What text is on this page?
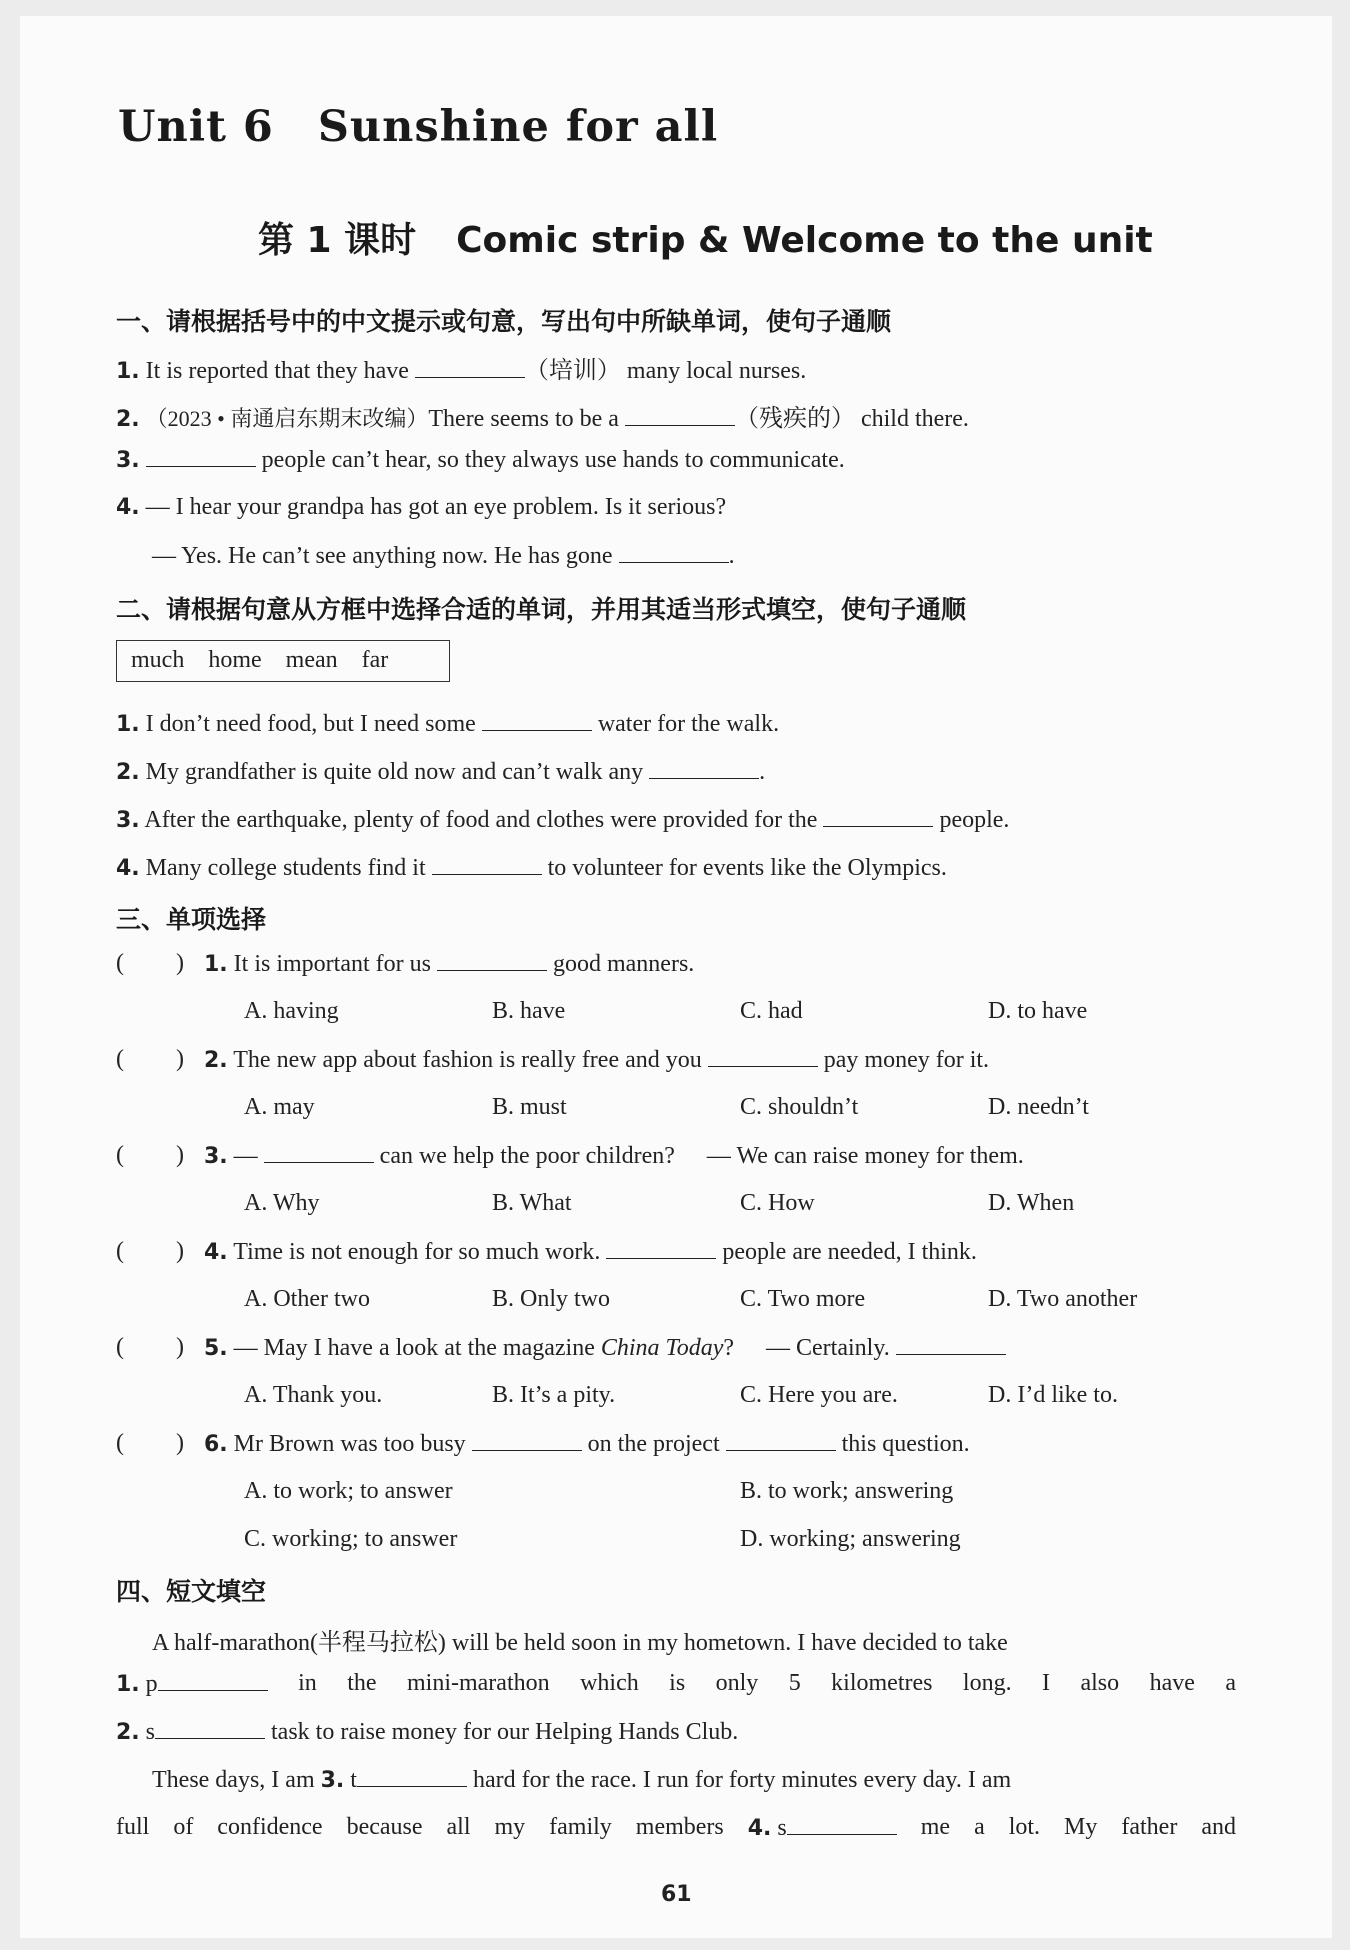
Unit 6 Sunshine for all
第 1 课时 Comic strip & Welcome to the unit
一、请根据括号中的中文提示或句意，写出句中所缺单词，使句子通顺
1. It is reported that they have	（培训） many local nurses.
2. （2023 • 南通启东期末改编）There seems to be a	（残疾的） child there.
3.	people can’t hear, so they always use hands to communicate.
4. — I hear your grandpa has got an eye problem. Is it serious?
— Yes. He can’t see anything now. He has gone	.
二、请根据句意从方框中选择合适的单词，并用其适当形式填空，使句子通顺
much home mean far
1. I don’t need food, but I need some	water for the walk.
2. My grandfather is quite old now and can’t walk any	.
3. After the earthquake, plenty of food and clothes were provided for the	people.
4. Many college students find it	to volunteer for events like the Olympics.
三、单项选择
( ) 1. It is important for us	good manners.
A. having	B. have	C. had	D. to have
( ) 2. The new app about fashion is really free and you	pay money for it.
A. may	B. must	C. shouldn’t	D. needn’t
( ) 3. —	can we help the poor children? — We can raise money for them.
A. Why	B. What	C. How	D. When
( ) 4. Time is not enough for so much work.	people are needed, I think.
A. Other two	B. Only two	C. Two more	D. Two another
( ) 5. — May I have a look at the magazine China Today? — Certainly.
A. Thank you.	B. It’s a pity.	C. Here you are.	D. I’d like to.
( ) 6. Mr Brown was too busy	on the project	this question.
A. to work; to answer	B. to work; answering
C. working; to answer	D. working; answering
四、短文填空
A half-marathon(半程马拉松) will be held soon in my hometown. I have decided to take
1. p	in the mini-marathon which is only 5 kilometres long. I also have a
2. s	task to raise money for our Helping Hands Club.
These days, I am 3. t	hard for the race. I run for forty minutes every day. I am
full of confidence because all my family members 4. s	me a lot. My father and
61
